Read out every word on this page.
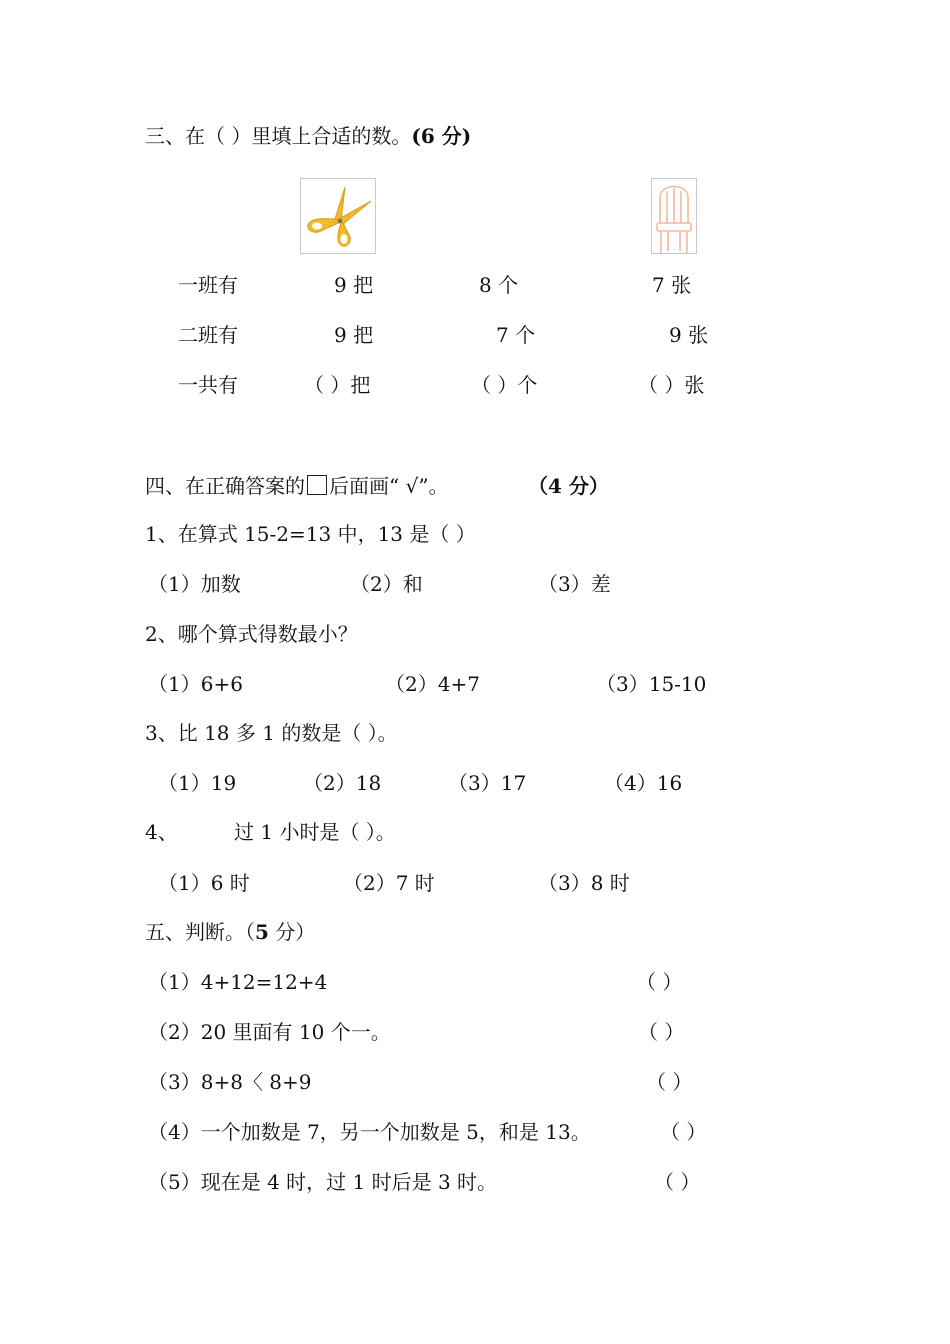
三、在（ ）里填上合适的数。(6 分)
一班有	9 把	8 个	7 张
二班有	9 把	7 个	9 张
一共有	（ ）把	（ ）个	（ ）张
四、在正确答案的 后面画“ √”。	（4 分）
1、在算式 15-2=13 中，13 是（ ）
（1）加数	（2）和	（3）差
2、哪个算式得数最小？
（1）6+6	（2）4+7	（3）15-10
3、比 18 多 1 的数是（ ）。
（1）19	（2）18	（3）17	（4）16
4、	过 1 小时是（ ）。
（1）6 时	（2）7 时	（3）8 时
五、判断。（5 分）
（1）4+12=12+4	（ ）
（2）20 里面有 10 个一。	（ ）
（3）8+8〈 8+9	（ ）
（4）一个加数是 7，另一个加数是 5，和是 13。	（ ）
（5）现在是 4 时，过 1 时后是 3 时。	（ ）
